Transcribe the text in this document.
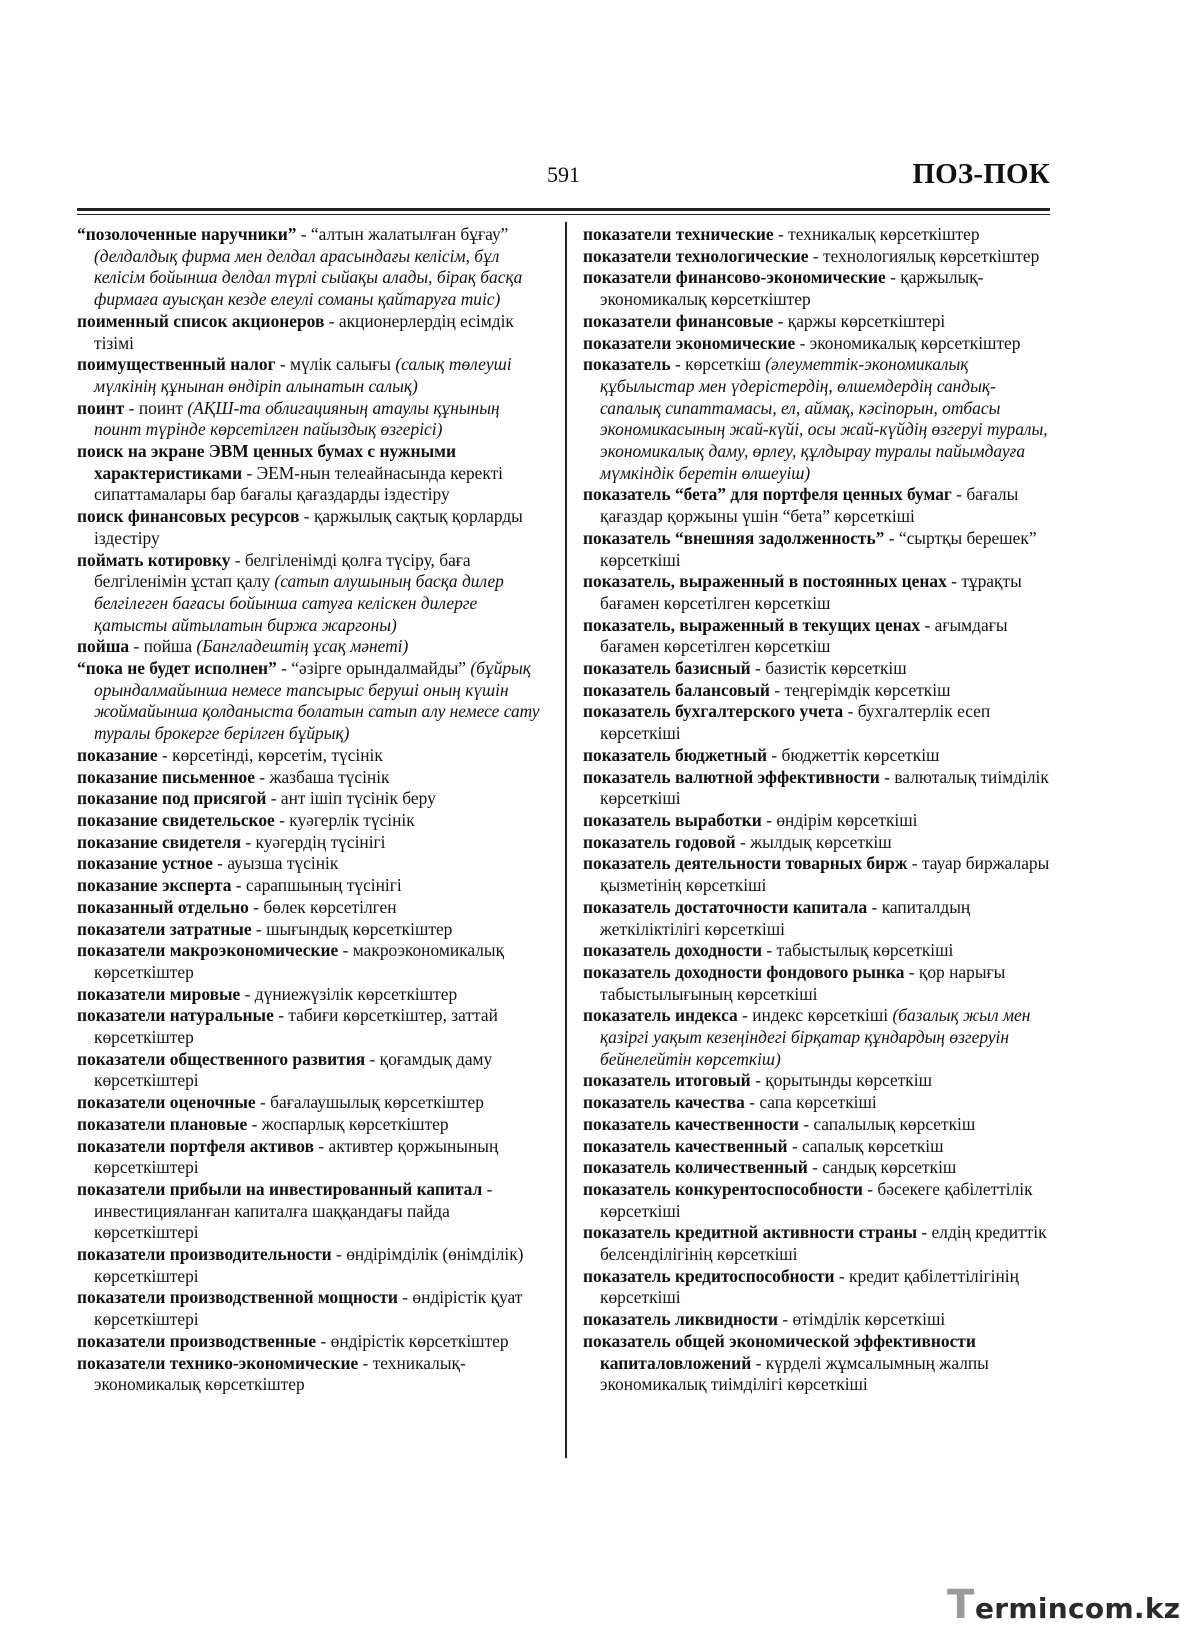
591	ПОЗ-ПОК
“позолоченные наручники” - “алтын жалатылған бұғау” (делдалдық фирма мен делдал арасындағы келісім, бұл келісім бойынша делдал түрлі сыйақы алады, бірақ басқа фирмаға ауысқан кезде елеулі соманы қайтаруға тиіс)
поименный список акционеров - акционерлердің есімдік тізімі
поимущественный налог - мүлік салығы (салық төлеуші мүлкінің құнынан өндіріп алынатын салық)
поинт - поинт (АҚШ-та облигацияның атаулы құнының поинт түрінде көрсетілген пайыздық өзгерісі)
поиск на экране ЭВМ ценных бумах с нужными характеристиками - ЭЕМ-нын телеайнасында керекті сипаттамалары бар бағалы қағаздарды іздестіру
поиск финансовых ресурсов - қаржылық сақтық қорларды іздестіру
поймать котировку - белгіленімді қолға түсіру, баға белгіленімін ұстап қалу (сатып алушының басқа дилер белгілеген бағасы бойынша сатуға келіскен дилерге қатысты айтылатын биржа жаргоны)
пойша - пойша (Бангладештің ұсақ мәнеті)
“пока не будет исполнен” - “әзірге орындалмайды” (бұйрық орындалмайынша немесе тапсырыс беруші оның күшін жоймайынша қолданыста болатын сатып алу немесе сату туралы брокерге берілген бұйрық)
показание - көрсетінді, көрсетім, түсінік
показание письменное - жазбаша түсінік
показание под присягой - ант ішіп түсінік беру
показание свидетельское - куәгерлік түсінік
показание свидетеля - куәгердің түсінігі
показание устное - ауызша түсінік
показание эксперта - сарапшының түсінігі
показанный отдельно - бөлек көрсетілген
показатели затратные - шығындық көрсеткіштер
показатели макроэкономические - макроэкономикалық көрсеткіштер
показатели мировые - дүниежүзілік көрсеткіштер
показатели натуральные - табиғи көрсеткіштер, заттай көрсеткіштер
показатели общественного развития - қоғамдық даму көрсеткіштері
показатели оценочные - бағалаушылық көрсеткіштер
показатели плановые - жоспарлық көрсеткіштер
показатели портфеля активов - активтер қоржынының көрсеткіштері
показатели прибыли на инвестированный капитал - инвестицияланған капиталға шаққандағы пайда көрсеткіштері
показатели производительности - өндірімділік (өнімділік) көрсеткіштері
показатели производственной мощности - өндірістік қуат көрсеткіштері
показатели производственные - өндірістік көрсеткіштер
показатели технико-экономические - техникалық-экономикалық көрсеткіштер
показатели технические - техникалық көрсеткіштер
показатели технологические - технологиялық көрсеткіштер
показатели финансово-экономические - қаржылық-экономикалық көрсеткіштер
показатели финансовые - қаржы көрсеткіштері
показатели экономические - экономикалық көрсеткіштер
показатель - көрсеткіш (әлеуметтік-экономикалық құбылыстар мен үдерістердің, өлшемдердің сандық-сапалық сипаттамасы, ел, аймақ, кәсіпорын, отбасы экономикасының жай-күйі, осы жай-күйдің өзгеруі туралы, экономикалық даму, өрлеу, құлдырау туралы пайымдауға мүмкіндік беретін өлшеуіш)
показатель “бета” для портфеля ценных бумаг - бағалы қағаздар қоржыны үшін “бета” көрсеткіші
показатель “внешняя задолженность” - “сыртқы берешек” көрсеткіші
показатель, выраженный в постоянных ценах - тұрақты бағамен көрсетілген көрсеткіш
показатель, выраженный в текущих ценах - ағымдағы бағамен көрсетілген көрсеткіш
показатель базисный - базистік көрсеткіш
показатель балансовый - теңгерімдік көрсеткіш
показатель бухгалтерского учета - бухгалтерлік есеп көрсеткіші
показатель бюджетный - бюджеттік көрсеткіш
показатель валютной эффективности - валюталық тиімділік көрсеткіші
показатель выработки - өндірім көрсеткіші
показатель годовой - жылдық көрсеткіш
показатель деятельности товарных бирж - тауар биржалары қызметінің көрсеткіші
показатель достаточности капитала - капиталдың жеткіліктілігі көрсеткіші
показатель доходности - табыстылық көрсеткіші
показатель доходности фондового рынка - қор нарығы табыстылығының көрсеткіші
показатель индекса - индекс көрсеткіші (базалық жыл мен қазіргі уақыт кезеңіндегі бірқатар құндардың өзгеруін бейнелейтін көрсеткіш)
показатель итоговый - қорытынды көрсеткіш
показатель качества - сапа көрсеткіші
показатель качественности - сапалылық көрсеткіш
показатель качественный - сапалық көрсеткіш
показатель количественный - сандық көрсеткіш
показатель конкурентоспособности - бәсекеге қабілеттілік көрсеткіші
показатель кредитной активности страны - елдің кредиттік белсенділігінің көрсеткіші
показатель кредитоспособности - кредит қабілеттілігінің көрсеткіші
показатель ликвидности - өтімділік көрсеткіші
показатель общей экономической эффективности капиталовложений - күрделі жұмсалымның жалпы экономикалық тиімділігі көрсеткіші
T ermincom.kz
